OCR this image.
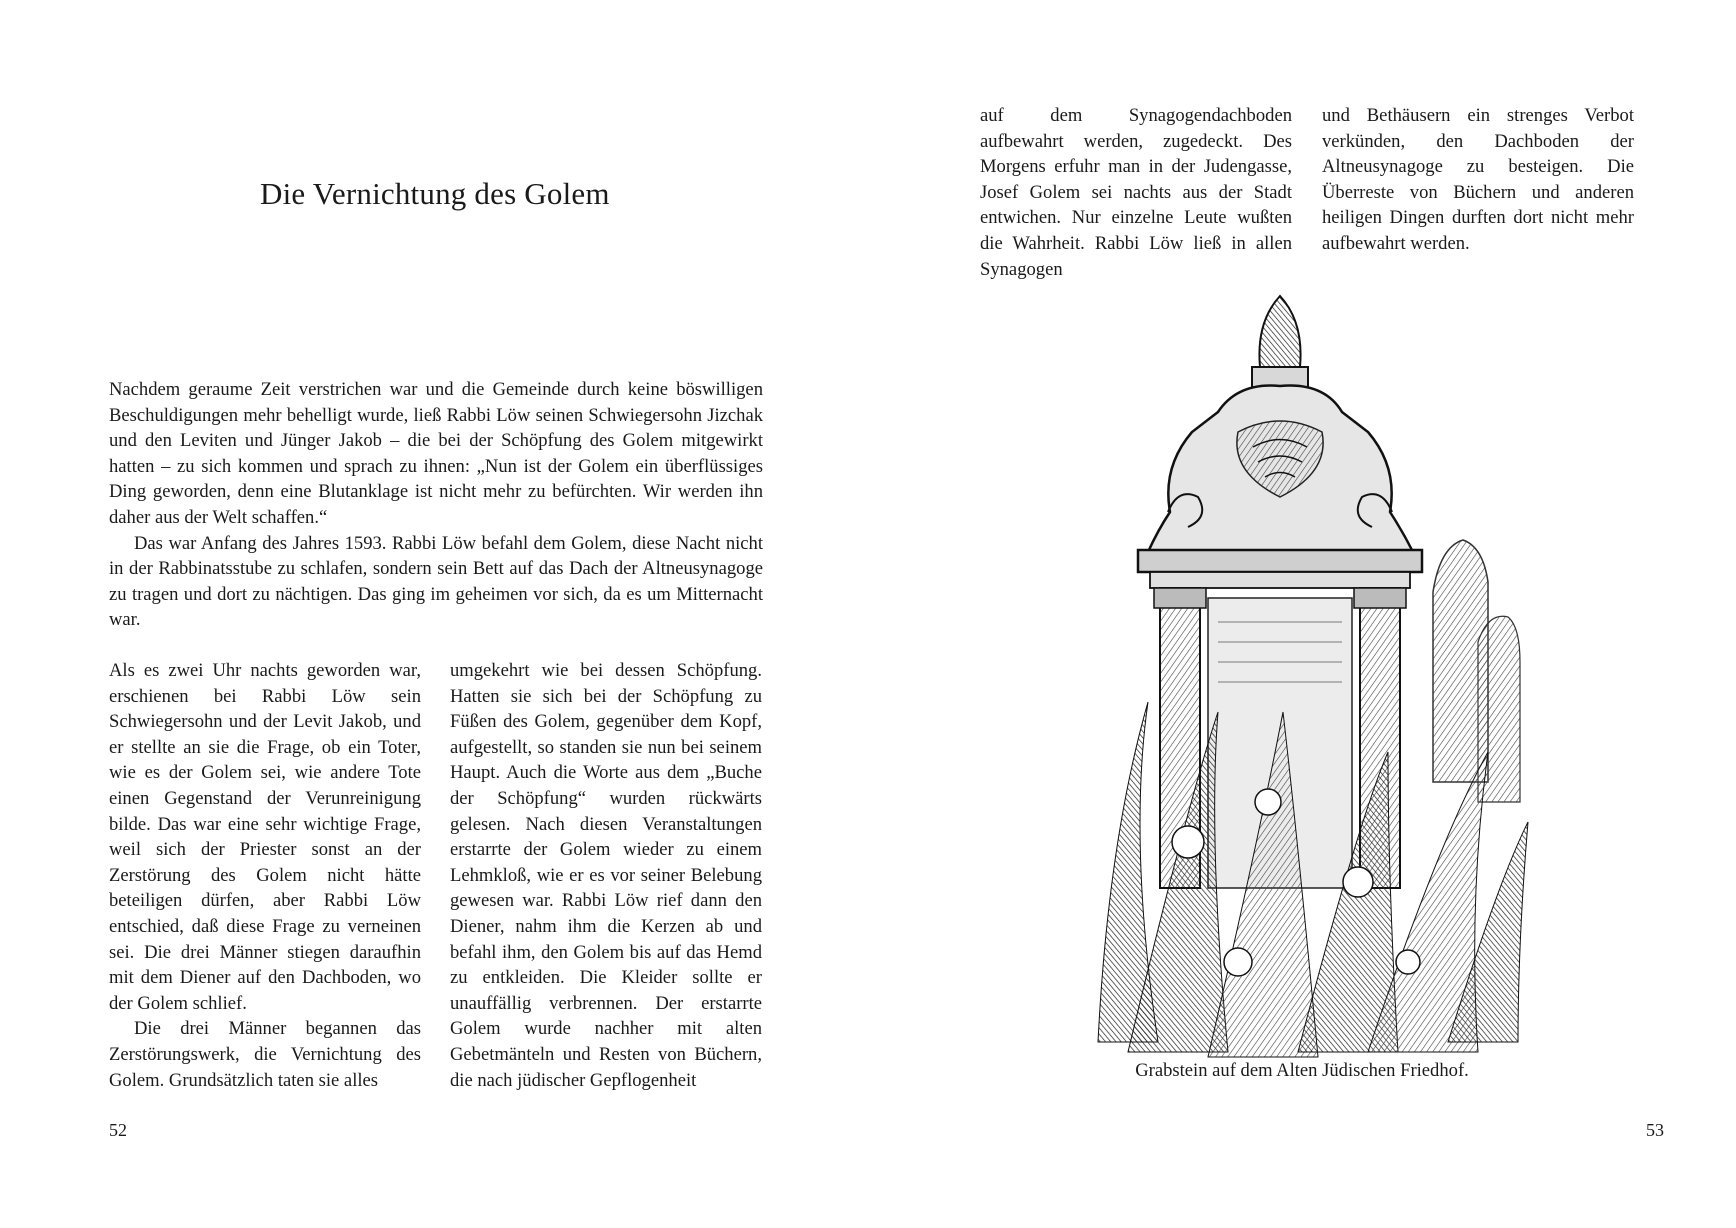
Die Vernichtung des Golem

Nachdem geraume Zeit verstrichen war und die Gemeinde durch keine böswilligen Beschuldigungen mehr behelligt wurde, ließ Rabbi Löw seinen Schwiegersohn Jizchak und den Leviten und Jünger Jakob – die bei der Schöpfung des Golem mitgewirkt hatten – zu sich kommen und sprach zu ihnen: „Nun ist der Golem ein überflüssiges Ding geworden, denn eine Blutanklage ist nicht mehr zu befürchten. Wir werden ihn daher aus der Welt schaffen.“

Das war Anfang des Jahres 1593. Rabbi Löw befahl dem Golem, diese Nacht nicht in der Rabbinatsstube zu schlafen, sondern sein Bett auf das Dach der Altneusynagoge zu tragen und dort zu nächtigen. Das ging im geheimen vor sich, da es um Mitternacht war.

Als es zwei Uhr nachts geworden war, erschienen bei Rabbi Löw sein Schwiegersohn und der Levit Jakob, und er stellte an sie die Frage, ob ein Toter, wie es der Golem sei, wie andere Tote einen Gegenstand der Verunreinigung bilde. Das war eine sehr wichtige Frage, weil sich der Priester sonst an der Zerstörung des Golem nicht hätte beteiligen dürfen, aber Rabbi Löw entschied, daß diese Frage zu verneinen sei. Die drei Männer stiegen daraufhin mit dem Diener auf den Dachboden, wo der Golem schlief.

Die drei Männer begannen das Zerstörungswerk, die Vernichtung des Golem. Grundsätzlich taten sie alles

umgekehrt wie bei dessen Schöpfung. Hatten sie sich bei der Schöpfung zu Füßen des Golem, gegenüber dem Kopf, aufgestellt, so standen sie nun bei seinem Haupt. Auch die Worte aus dem „Buche der Schöpfung“ wurden rückwärts gelesen. Nach diesen Veranstaltungen erstarrte der Golem wieder zu einem Lehmkloß, wie er es vor seiner Belebung gewesen war. Rabbi Löw rief dann den Diener, nahm ihm die Kerzen ab und befahl ihm, den Golem bis auf das Hemd zu entkleiden. Die Kleider sollte er unauffällig verbrennen. Der erstarrte Golem wurde nachher mit alten Gebetmänteln und Resten von Büchern, die nach jüdischer Gepflogenheit

52

auf dem Synagogendachboden aufbewahrt werden, zugedeckt. Des Morgens erfuhr man in der Judengasse, Josef Golem sei nachts aus der Stadt entwichen. Nur einzelne Leute wußten die Wahrheit. Rabbi Löw ließ in allen Synagogen

und Bethäusern ein strenges Verbot verkünden, den Dachboden der Altneusynagoge zu besteigen. Die Überreste von Büchern und anderen heiligen Dingen durften dort nicht mehr aufbewahrt werden.

Grabstein auf dem Alten Jüdischen Friedhof.
53
